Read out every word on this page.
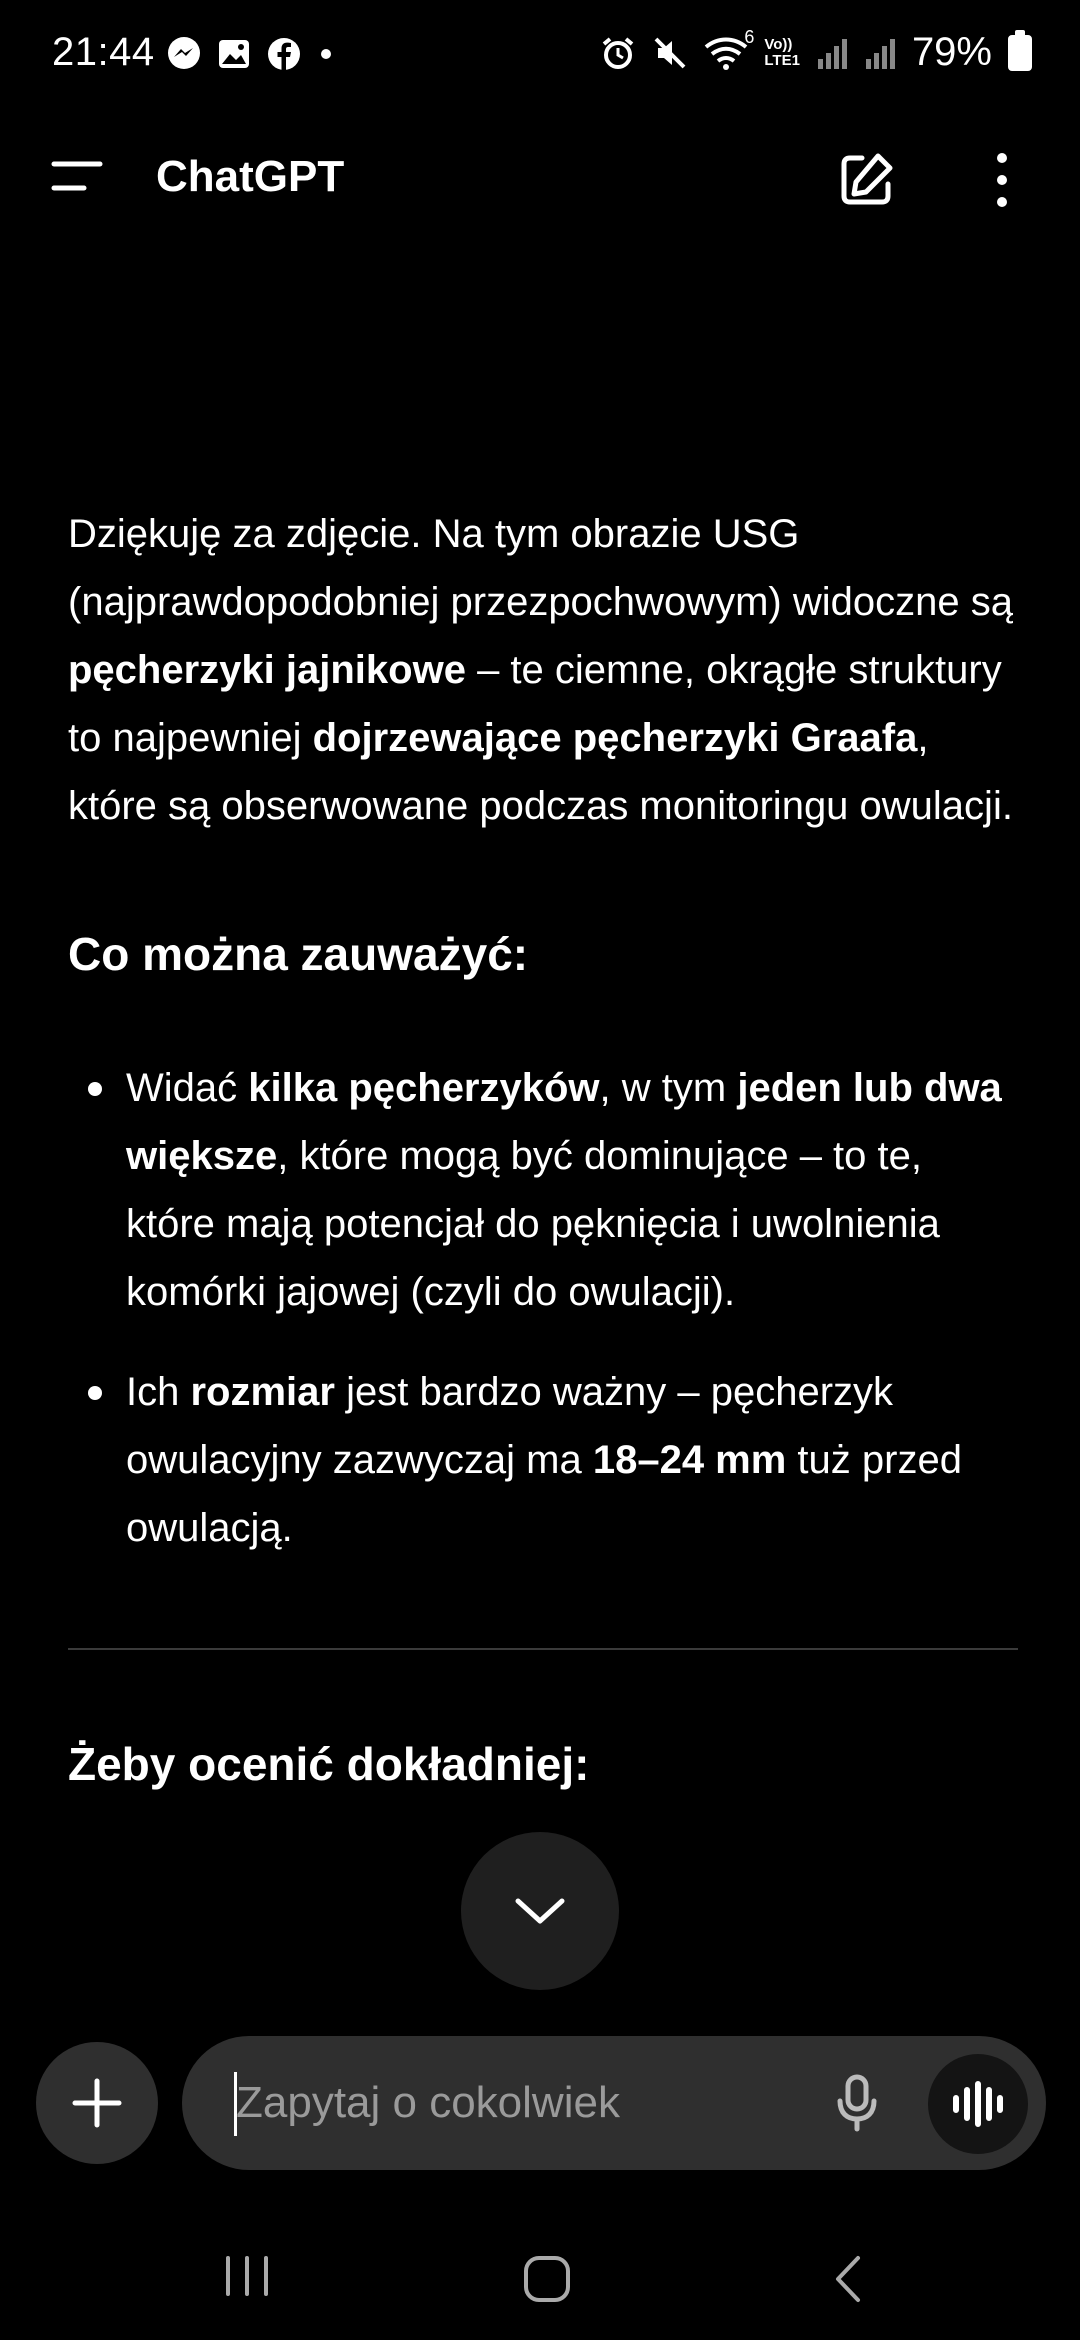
21:44	6 Vo))
LTE1	79%
ChatGPT

Dziękuję za zdjęcie. Na tym obrazie USG (najprawdopodobniej przezpochwowym) widoczne są pęcherzyki jajnikowe – te ciemne, okrągłe struktury to najpewniej dojrzewające pęcherzyki Graafa, które są obserwowane podczas monitoringu owulacji.

Co można zauważyć:
Widać kilka pęcherzyków, w tym jeden lub dwa większe, które mogą być dominujące – to te, które mają potencjał do pęknięcia i uwolnienia komórki jajowej (czyli do owulacji).
Ich rozmiar jest bardzo ważny – pęcherzyk owulacyjny zazwyczaj ma 18–24 mm tuż przed owulacją.
Żeby ocenić dokładniej:
Zapytaj o cokolwiek
